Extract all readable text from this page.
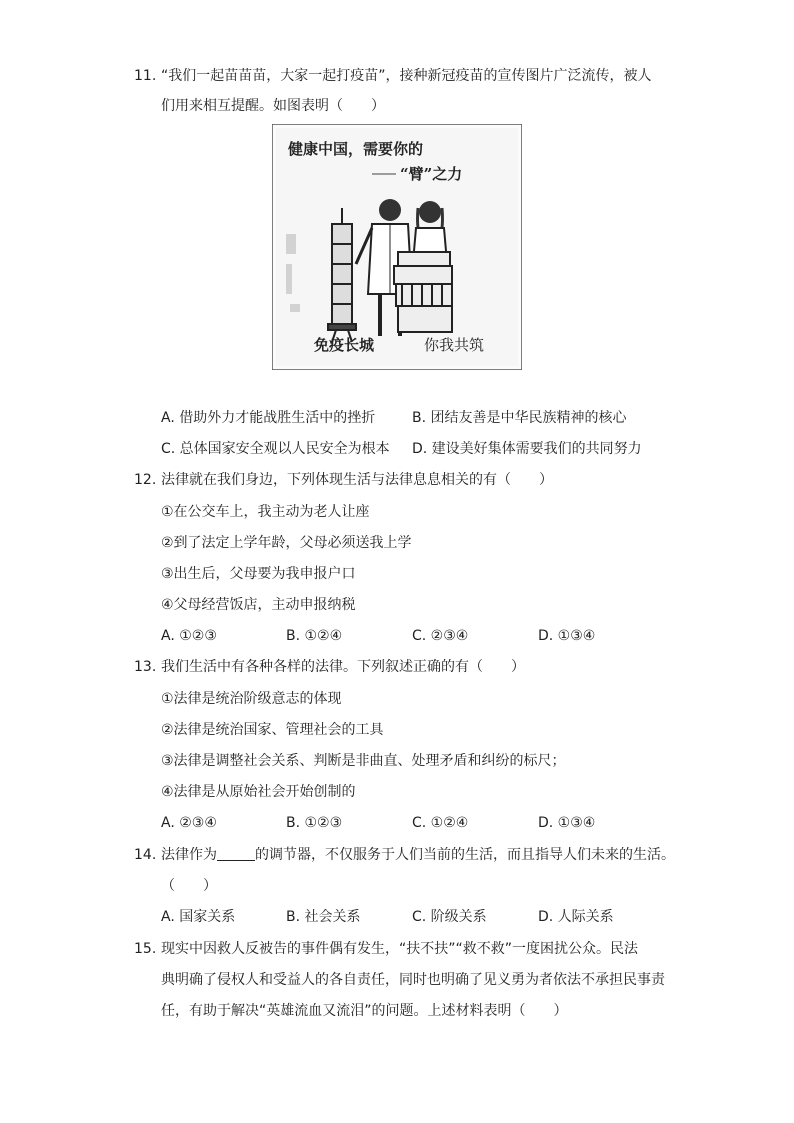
11. “我们一起苗苗苗，大家一起打疫苗”，接种新冠疫苗的宣传图片广泛流传，被人
们用来相互提醒。如图表明（　　）
健康中国，需要你的
“臂”之力
免疫长城	你我共筑
A. 借助外力才能战胜生活中的挫折	B. 团结友善是中华民族精神的核心
C. 总体国家安全观以人民安全为根本 D. 建设美好集体需要我们的共同努力
12. 法律就在我们身边，下列体现生活与法律息息相关的有（　　）
①在公交车上，我主动为老人让座
②到了法定上学年龄，父母必须送我上学
③出生后，父母要为我申报户口
④父母经营饭店，主动申报纳税
A. ①②③	B. ①②④	C. ②③④	D. ①③④
13. 我们生活中有各种各样的法律。下列叙述正确的有（　　）
①法律是统治阶级意志的体现
②法律是统治国家、管理社会的工具
③法律是调整社会关系、判断是非曲直、处理矛盾和纠纷的标尺；
④法律是从原始社会开始创制的
A. ②③④	B. ①②③	C. ①②④	D. ①③④
14. 法律作为	的调节器，不仅服务于人们当前的生活，而且指导人们未来的生活。
（　　）
A. 国家关系	B. 社会关系	C. 阶级关系	D. 人际关系
15. 现实中因救人反被告的事件偶有发生，“扶不扶”“救不救”一度困扰公众。民法
典明确了侵权人和受益人的各自责任，同时也明确了见义勇为者依法不承担民事责
任，有助于解决“英雄流血又流泪”的问题。上述材料表明（　　）
